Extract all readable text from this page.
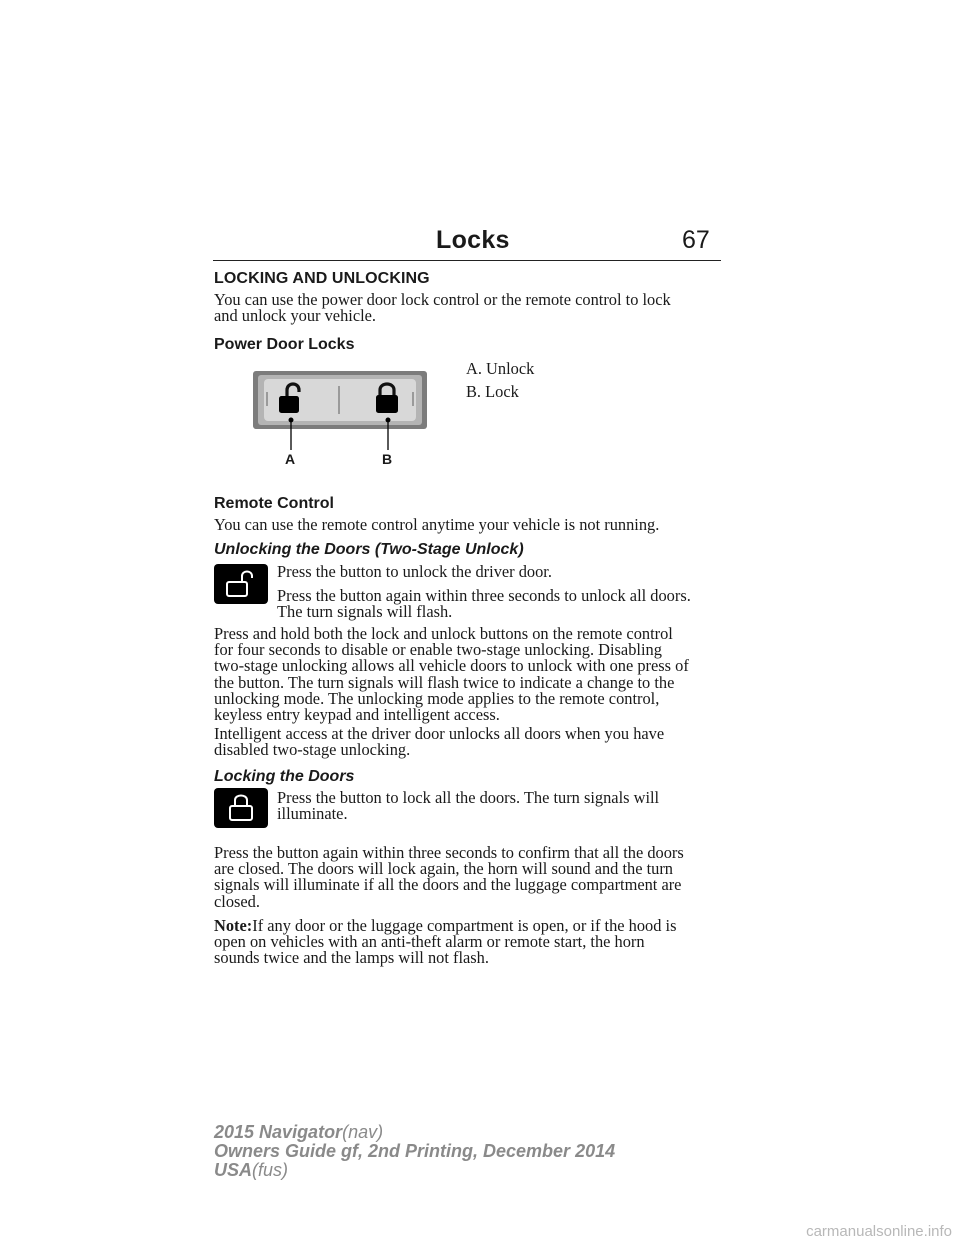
Locks	67
LOCKING AND UNLOCKING
You can use the power door lock control or the remote control to lock
and unlock your vehicle.
Power Door Locks
A	B
A. Unlock
B. Lock
Remote Control
You can use the remote control anytime your vehicle is not running.
Unlocking the Doors (Two-Stage Unlock)
Press the button to unlock the driver door.
Press the button again within three seconds to unlock all doors.
The turn signals will flash.
Press and hold both the lock and unlock buttons on the remote control
for four seconds to disable or enable two-stage unlocking. Disabling
two-stage unlocking allows all vehicle doors to unlock with one press of
the button. The turn signals will flash twice to indicate a change to the
unlocking mode. The unlocking mode applies to the remote control,
keyless entry keypad and intelligent access.
Intelligent access at the driver door unlocks all doors when you have
disabled two-stage unlocking.
Locking the Doors
Press the button to lock all the doors. The turn signals will
illuminate.
Press the button again within three seconds to confirm that all the doors
are closed. The doors will lock again, the horn will sound and the turn
signals will illuminate if all the doors and the luggage compartment are
closed.
Note:If any door or the luggage compartment is open, or if the hood is
open on vehicles with an anti-theft alarm or remote start, the horn
sounds twice and the lamps will not flash.
2015 Navigator(nav)
Owners Guide gf, 2nd Printing, December 2014
USA(fus)
carmanualsonline.info
